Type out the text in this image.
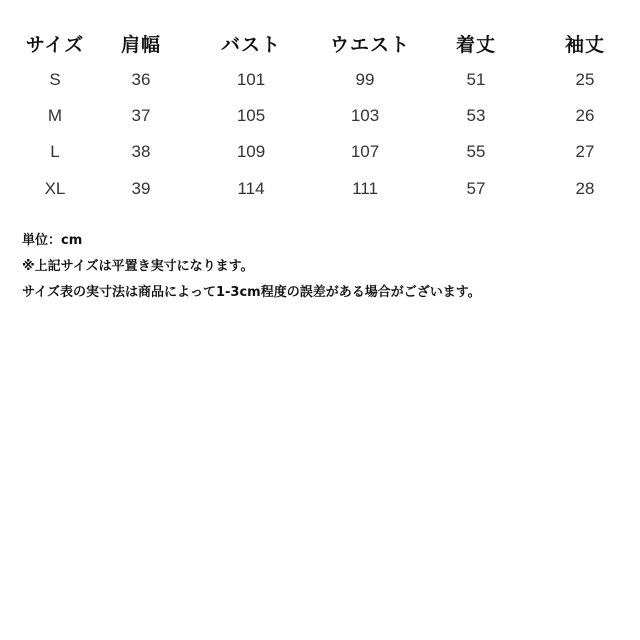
サイズ	肩幅	バスト	ウエスト	着丈	袖丈
S	36	101	99	51	25
M	37	105	103	53	26
L	38	109	107	55	27
XL	39	114	111	57	28
単位：cm
※上記サイズは平置き実寸になります。
サイズ表の実寸法は商品によって1-3cm程度の誤差がある場合がございます。
